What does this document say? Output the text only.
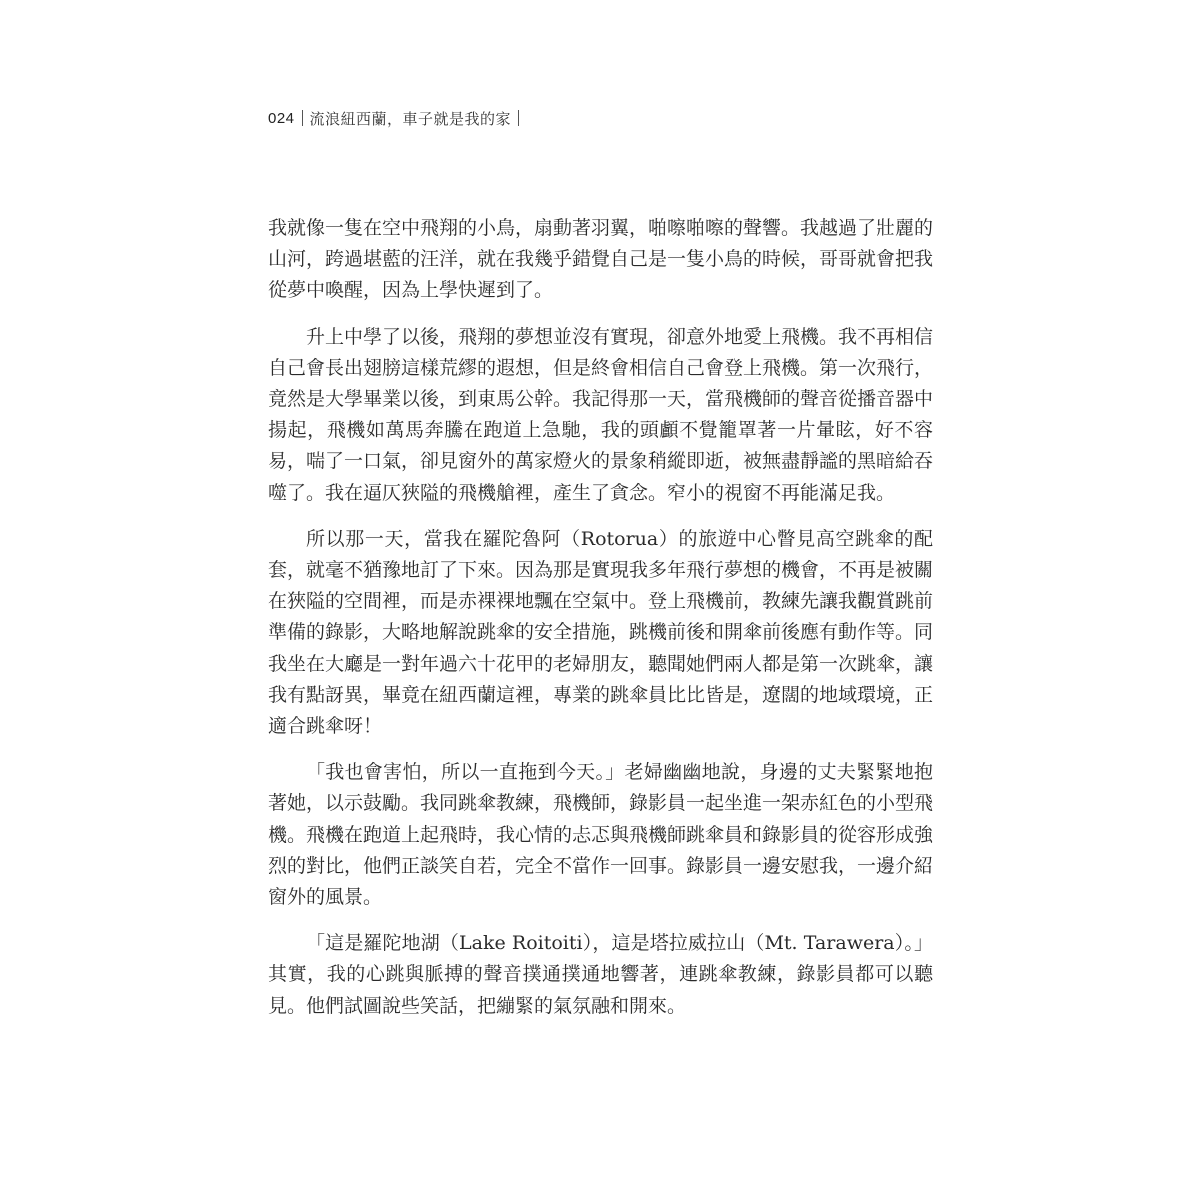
024 流浪紐西蘭，車子就是我的家

我就像一隻在空中飛翔的小鳥，扇動著羽翼，啪嚓啪嚓的聲響。我越過了壯麗的山河，跨過堪藍的汪洋，就在我幾乎錯覺自己是一隻小鳥的時候，哥哥就會把我從夢中喚醒，因為上學快遲到了。

升上中學了以後，飛翔的夢想並沒有實現，卻意外地愛上飛機。我不再相信自己會長出翅膀這樣荒繆的遐想，但是終會相信自己會登上飛機。第一次飛行，竟然是大學畢業以後，到東馬公幹。我記得那一天，當飛機師的聲音從播音器中揚起，飛機如萬馬奔騰在跑道上急馳，我的頭顱不覺籠罩著一片暈眩，好不容易，喘了一口氣，卻見窗外的萬家燈火的景象稍縱即逝，被無盡靜謐的黑暗給吞噬了。我在逼仄狹隘的飛機艙裡，產生了貪念。窄小的視窗不再能滿足我。

所以那一天，當我在羅陀魯阿（Rotorua）的旅遊中心瞥見高空跳傘的配套，就毫不猶豫地訂了下來。因為那是實現我多年飛行夢想的機會，不再是被關在狹隘的空間裡，而是赤裸裸地飄在空氣中。登上飛機前，教練先讓我觀賞跳前準備的錄影，大略地解說跳傘的安全措施，跳機前後和開傘前後應有動作等。同我坐在大廳是一對年過六十花甲的老婦朋友，聽聞她們兩人都是第一次跳傘，讓我有點訝異，畢竟在紐西蘭這裡，專業的跳傘員比比皆是，遼闊的地域環境，正適合跳傘呀！

「我也會害怕，所以一直拖到今天。」老婦幽幽地說，身邊的丈夫緊緊地抱著她，以示鼓勵。我同跳傘教練，飛機師，錄影員一起坐進一架赤紅色的小型飛機。飛機在跑道上起飛時，我心情的忐忑與飛機師跳傘員和錄影員的從容形成強烈的對比，他們正談笑自若，完全不當作一回事。錄影員一邊安慰我，一邊介紹窗外的風景。

「這是羅陀地湖（Lake Roitoiti），這是塔拉威拉山（Mt. Tarawera）。」其實，我的心跳與脈搏的聲音撲通撲通地響著，連跳傘教練，錄影員都可以聽見。他們試圖說些笑話，把繃緊的氣氛融和開來。
